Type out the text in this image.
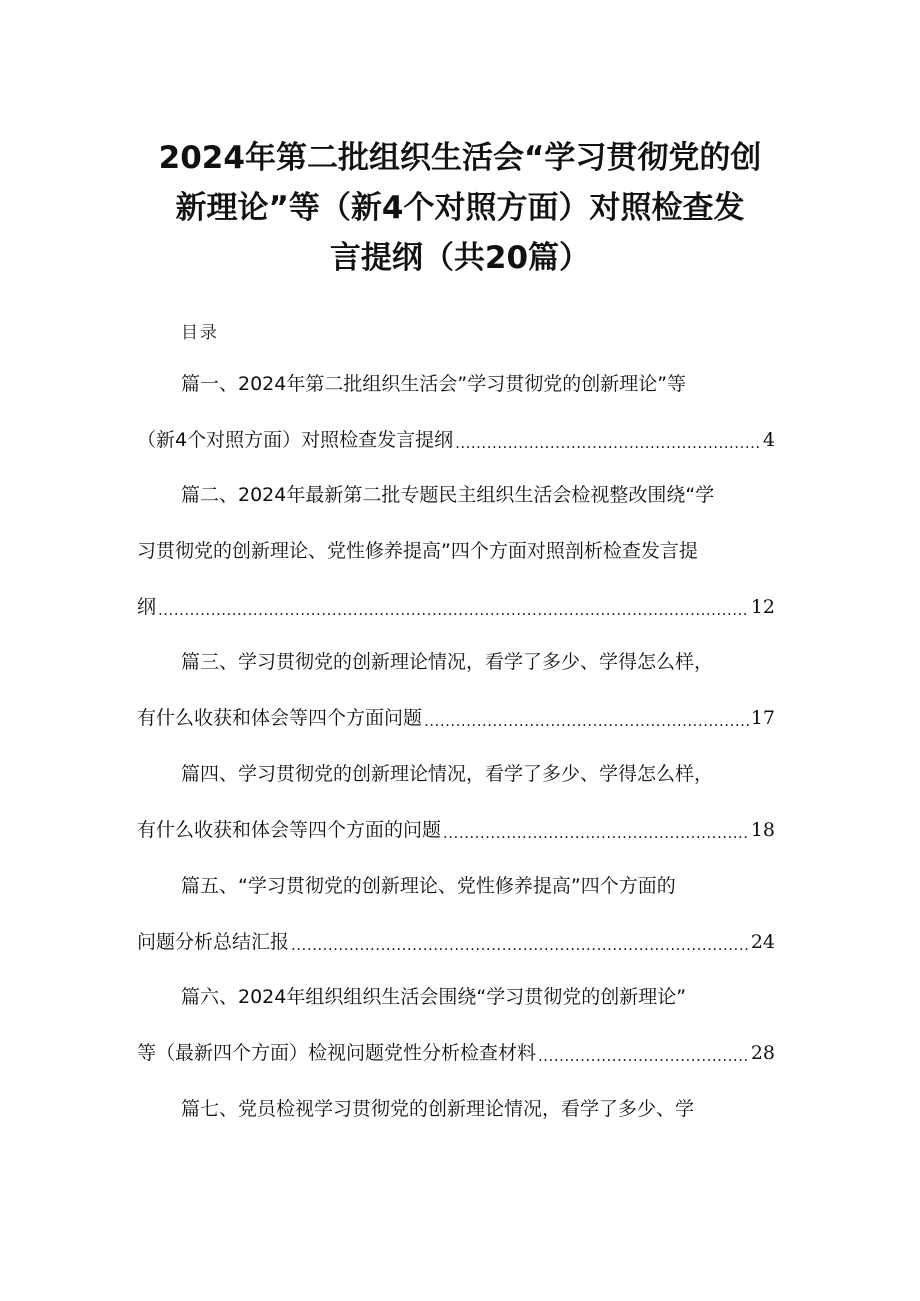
2024年第二批组织生活会“学习贯彻党的创
新理论”等（新4个对照方面）对照检查发
言提纲（共20篇）
目录
篇一、2024年第二批组织生活会”学习贯彻党的创新理论”等
（新4个对照方面）对照检查发言提纲 .....	4
篇二、2024年最新第二批专题民主组织生活会检视整改围绕“学
习贯彻党的创新理论、党性修养提高”四个方面对照剖析检查发言提
纲 .....	12
篇三、学习贯彻党的创新理论情况，看学了多少、学得怎么样，
有什么收获和体会等四个方面问题 .....	17
篇四、学习贯彻党的创新理论情况，看学了多少、学得怎么样，
有什么收获和体会等四个方面的问题 .....	18
篇五、“学习贯彻党的创新理论、党性修养提高”四个方面的
问题分析总结汇报 .....	24
篇六、2024年组织组织生活会围绕“学习贯彻党的创新理论”
等（最新四个方面）检视问题党性分析检查材料 .....	28
篇七、党员检视学习贯彻党的创新理论情况，看学了多少、学
